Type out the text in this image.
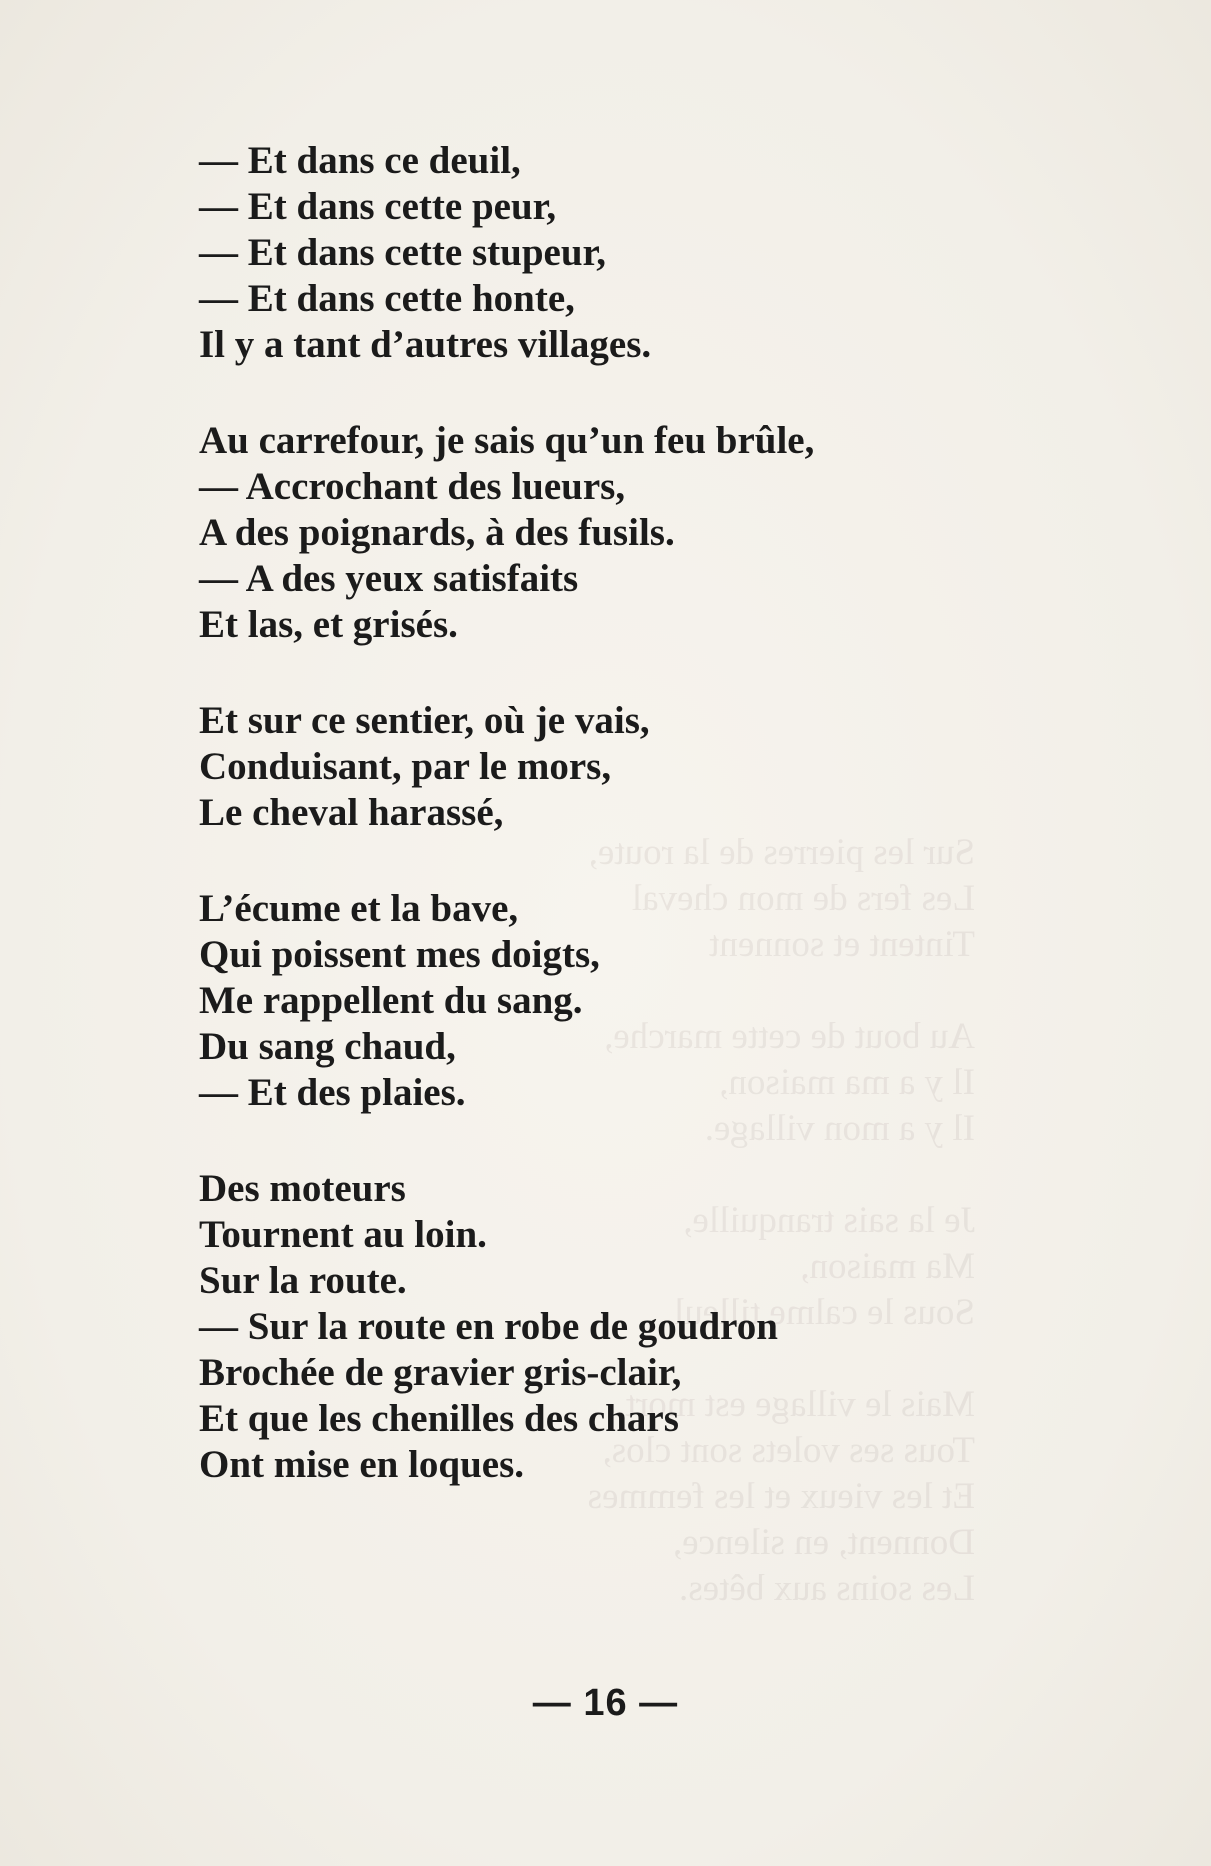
Sur les pierres de la route,
Les fers de mon cheval
Tintent et sonnent

Au bout de cette marche,
Il y a ma maison,
Il y a mon village.

Je la sais tranquille,
Ma maison,
Sous le calme tilleul.

Mais le village est mort,
Tous ses volets sont clos,
Et les vieux et les femmes
Donnent, en silence,
Les soins aux bêtes.
— Et dans ce deuil,
— Et dans cette peur,
— Et dans cette stupeur,
— Et dans cette honte,
Il y a tant d’autres villages.
Au carrefour, je sais qu’un feu brûle,
— Accrochant des lueurs,
A des poignards, à des fusils.
— A des yeux satisfaits
Et las, et grisés.
Et sur ce sentier, où je vais,
Conduisant, par le mors,
Le cheval harassé,
L’écume et la bave,
Qui poissent mes doigts,
Me rappellent du sang.
Du sang chaud,
— Et des plaies.
Des moteurs
Tournent au loin.
Sur la route.
— Sur la route en robe de goudron
Brochée de gravier gris-clair,
Et que les chenilles des chars
Ont mise en loques.
— 16 —
